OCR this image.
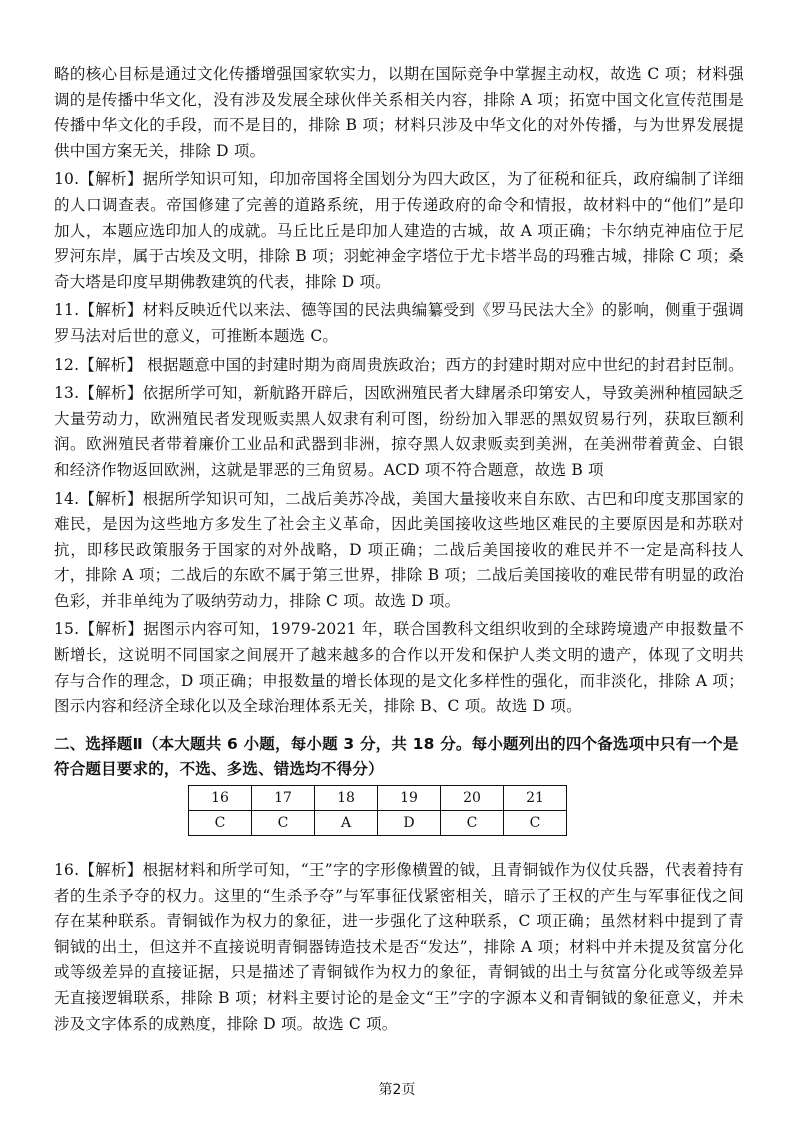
略的核心目标是通过文化传播增强国家软实力，以期在国际竞争中掌握主动权，故选 C 项；材料强调的是传播中华文化，没有涉及发展全球伙伴关系相关内容，排除 A 项；拓宽中国文化宣传范围是传播中华文化的手段，而不是目的，排除 B 项；材料只涉及中华文化的对外传播，与为世界发展提供中国方案无关，排除 D 项。

10.【解析】据所学知识可知，印加帝国将全国划分为四大政区，为了征税和征兵，政府编制了详细的人口调查表。帝国修建了完善的道路系统，用于传递政府的命令和情报，故材料中的“他们”是印加人，本题应选印加人的成就。马丘比丘是印加人建造的古城，故 A 项正确；卡尔纳克神庙位于尼罗河东岸，属于古埃及文明，排除 B 项；羽蛇神金字塔位于尤卡塔半岛的玛雅古城，排除 C 项；桑奇大塔是印度早期佛教建筑的代表，排除 D 项。

11.【解析】材料反映近代以来法、德等国的民法典编纂受到《罗马民法大全》的影响，侧重于强调罗马法对后世的意义，可推断本题选 C。

12.【解析】 根据题意中国的封建时期为商周贵族政治；西方的封建时期对应中世纪的封君封臣制。

13.【解析】依据所学可知，新航路开辟后，因欧洲殖民者大肆屠杀印第安人，导致美洲种植园缺乏大量劳动力，欧洲殖民者发现贩卖黑人奴隶有利可图，纷纷加入罪恶的黑奴贸易行列，获取巨额利润。欧洲殖民者带着廉价工业品和武器到非洲，掠夺黑人奴隶贩卖到美洲，在美洲带着黄金、白银和经济作物返回欧洲，这就是罪恶的三角贸易。ACD 项不符合题意，故选 B 项

14.【解析】根据所学知识可知，二战后美苏冷战，美国大量接收来自东欧、古巴和印度支那国家的难民，是因为这些地方多发生了社会主义革命，因此美国接收这些地区难民的主要原因是和苏联对抗，即移民政策服务于国家的对外战略，D 项正确；二战后美国接收的难民并不一定是高科技人才，排除 A 项；二战后的东欧不属于第三世界，排除 B 项；二战后美国接收的难民带有明显的政治色彩，并非单纯为了吸纳劳动力，排除 C 项。故选 D 项。

15.【解析】据图示内容可知，1979-2021 年，联合国教科文组织收到的全球跨境遗产申报数量不断增长，这说明不同国家之间展开了越来越多的合作以开发和保护人类文明的遗产，体现了文明共存与合作的理念，D 项正确；申报数量的增长体现的是文化多样性的强化，而非淡化，排除 A 项；图示内容和经济全球化以及全球治理体系无关，排除 B、C 项。故选 D 项。

二、选择题Ⅱ（本大题共 6 小题，每小题 3 分，共 18 分。每小题列出的四个备选项中只有一个是符合题目要求的，不选、多选、错选均不得分）
16	17	18	19	20	21
C	C	A	D	C	C

16.【解析】根据材料和所学可知，“王”字的字形像横置的钺，且青铜钺作为仪仗兵器，代表着持有者的生杀予夺的权力。这里的“生杀予夺”与军事征伐紧密相关，暗示了王权的产生与军事征伐之间存在某种联系。青铜钺作为权力的象征，进一步强化了这种联系，C 项正确；虽然材料中提到了青铜钺的出土，但这并不直接说明青铜器铸造技术是否“发达”，排除 A 项；材料中并未提及贫富分化或等级差异的直接证据，只是描述了青铜钺作为权力的象征，青铜钺的出土与贫富分化或等级差异无直接逻辑联系，排除 B 项；材料主要讨论的是金文“王”字的字源本义和青铜钺的象征意义，并未涉及文字体系的成熟度，排除 D 项。故选 C 项。

第2页
